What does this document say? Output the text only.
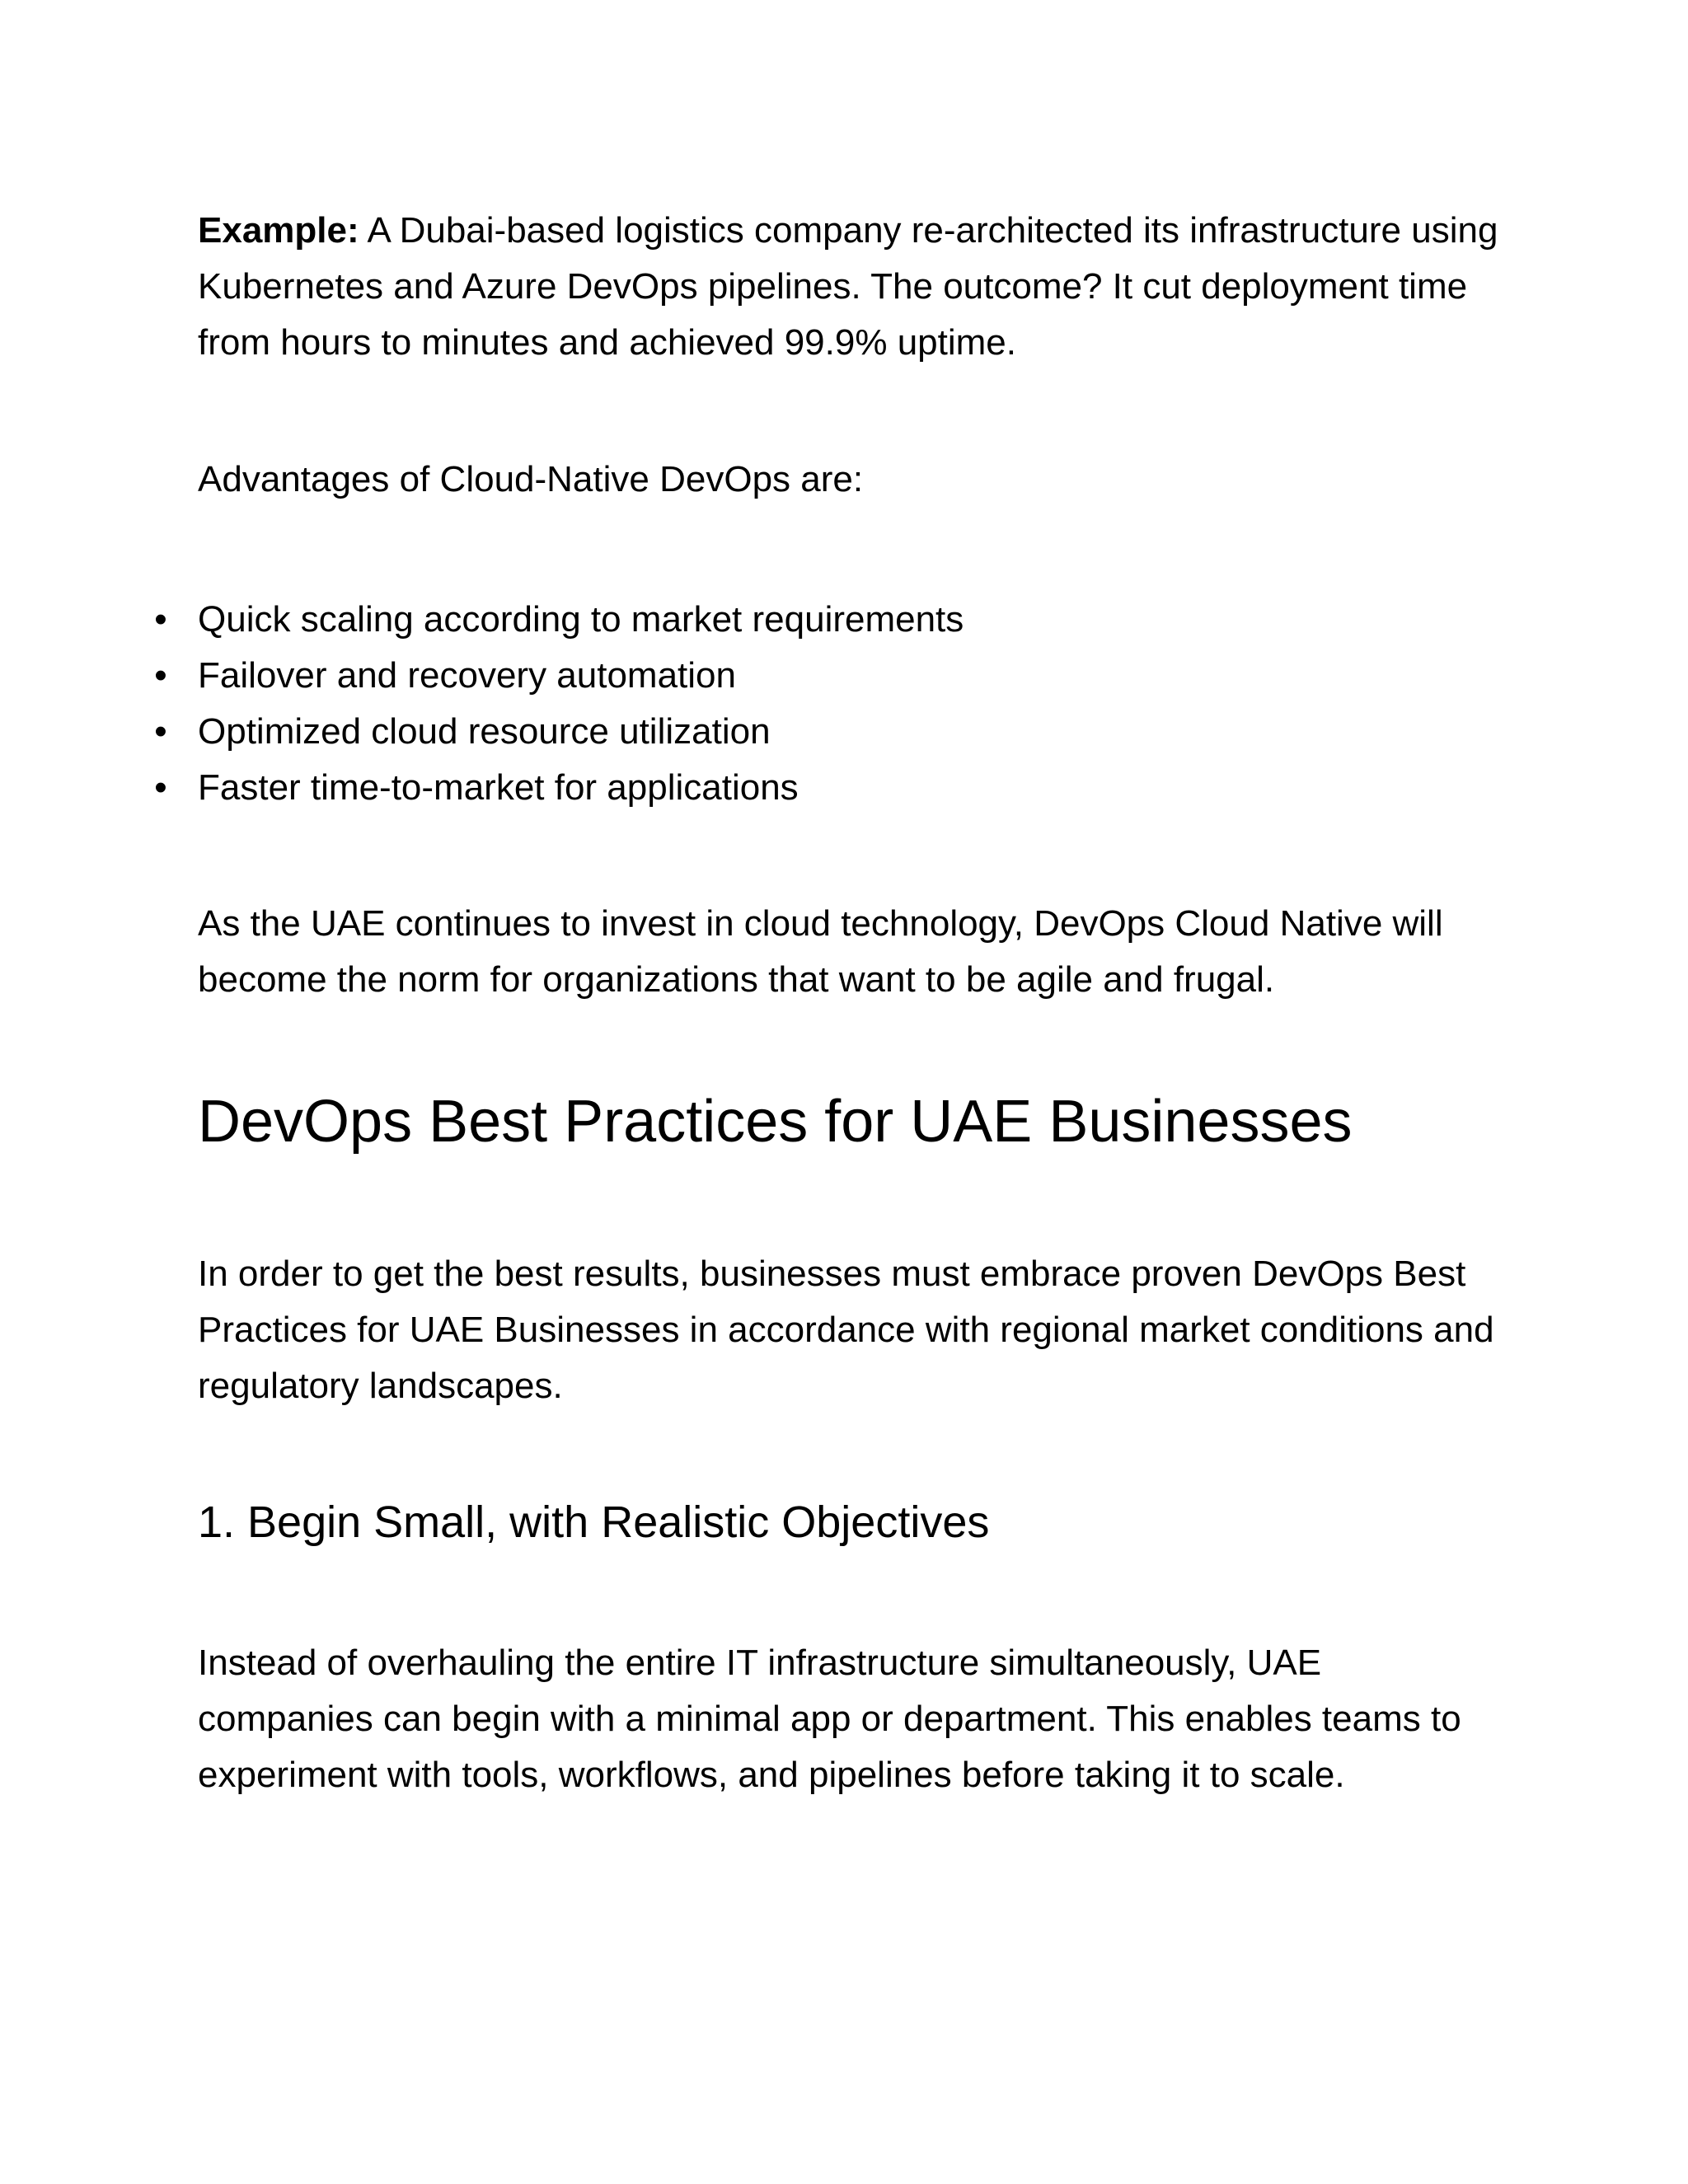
Example: A Dubai-based logistics company re-architected its infrastructure using Kubernetes and Azure DevOps pipelines. The outcome? It cut deployment time from hours to minutes and achieved 99.9% uptime.

Advantages of Cloud-Native DevOps are:

• Quick scaling according to market requirements
• Failover and recovery automation
• Optimized cloud resource utilization
• Faster time-to-market for applications

As the UAE continues to invest in cloud technology, DevOps Cloud Native will become the norm for organizations that want to be agile and frugal.

DevOps Best Practices for UAE Businesses

In order to get the best results, businesses must embrace proven DevOps Best Practices for UAE Businesses in accordance with regional market conditions and regulatory landscapes.

1. Begin Small, with Realistic Objectives

Instead of overhauling the entire IT infrastructure simultaneously, UAE companies can begin with a minimal app or department. This enables teams to experiment with tools, workflows, and pipelines before taking it to scale.
